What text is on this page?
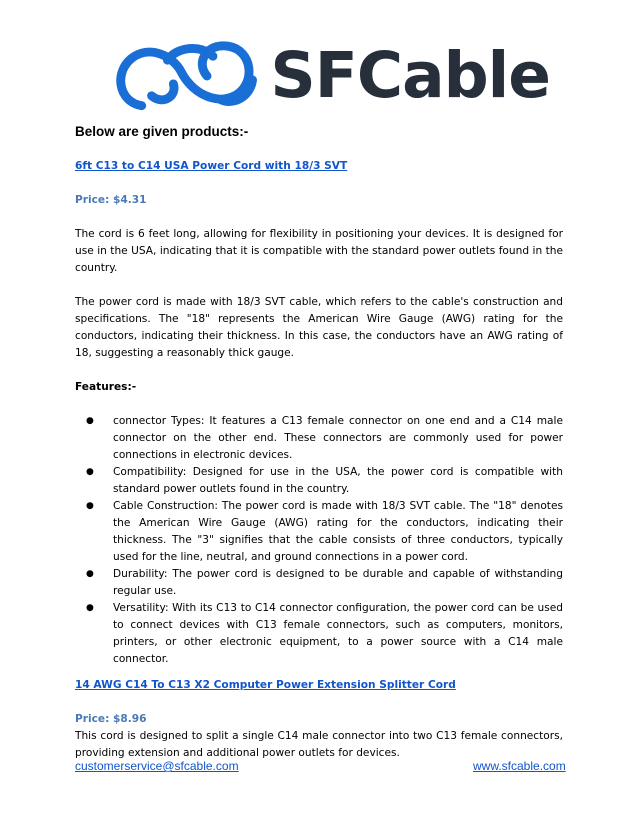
SFCable
Below are given products:-

6ft C13 to C14 USA Power Cord with 18/3 SVT

Price: $4.31

The cord is 6 feet long, allowing for flexibility in positioning your devices. It is designed for use in the USA, indicating that it is compatible with the standard power outlets found in the country.

The power cord is made with 18/3 SVT cable, which refers to the cable's construction and specifications. The "18" represents the American Wire Gauge (AWG) rating for the conductors, indicating their thickness. In this case, the conductors have an AWG rating of 18, suggesting a reasonably thick gauge.

Features:-

● connector Types: It features a C13 female connector on one end and a C14 male connector on the other end. These connectors are commonly used for power connections in electronic devices.
● Compatibility: Designed for use in the USA, the power cord is compatible with standard power outlets found in the country.
● Cable Construction: The power cord is made with 18/3 SVT cable. The "18" denotes the American Wire Gauge (AWG) rating for the conductors, indicating their thickness. The "3" signifies that the cable consists of three conductors, typically used for the line, neutral, and ground connections in a power cord.
● Durability: The power cord is designed to be durable and capable of withstanding regular use.
● Versatility: With its C13 to C14 connector configuration, the power cord can be used to connect devices with C13 female connectors, such as computers, monitors, printers, or other electronic equipment, to a power source with a C14 male connector.

14 AWG C14 To C13 X2 Computer Power Extension Splitter Cord

Price: $8.96

This cord is designed to split a single C14 male connector into two C13 female connectors, providing extension and additional power outlets for devices.

customerservice@sfcable.com	www.sfcable.com
